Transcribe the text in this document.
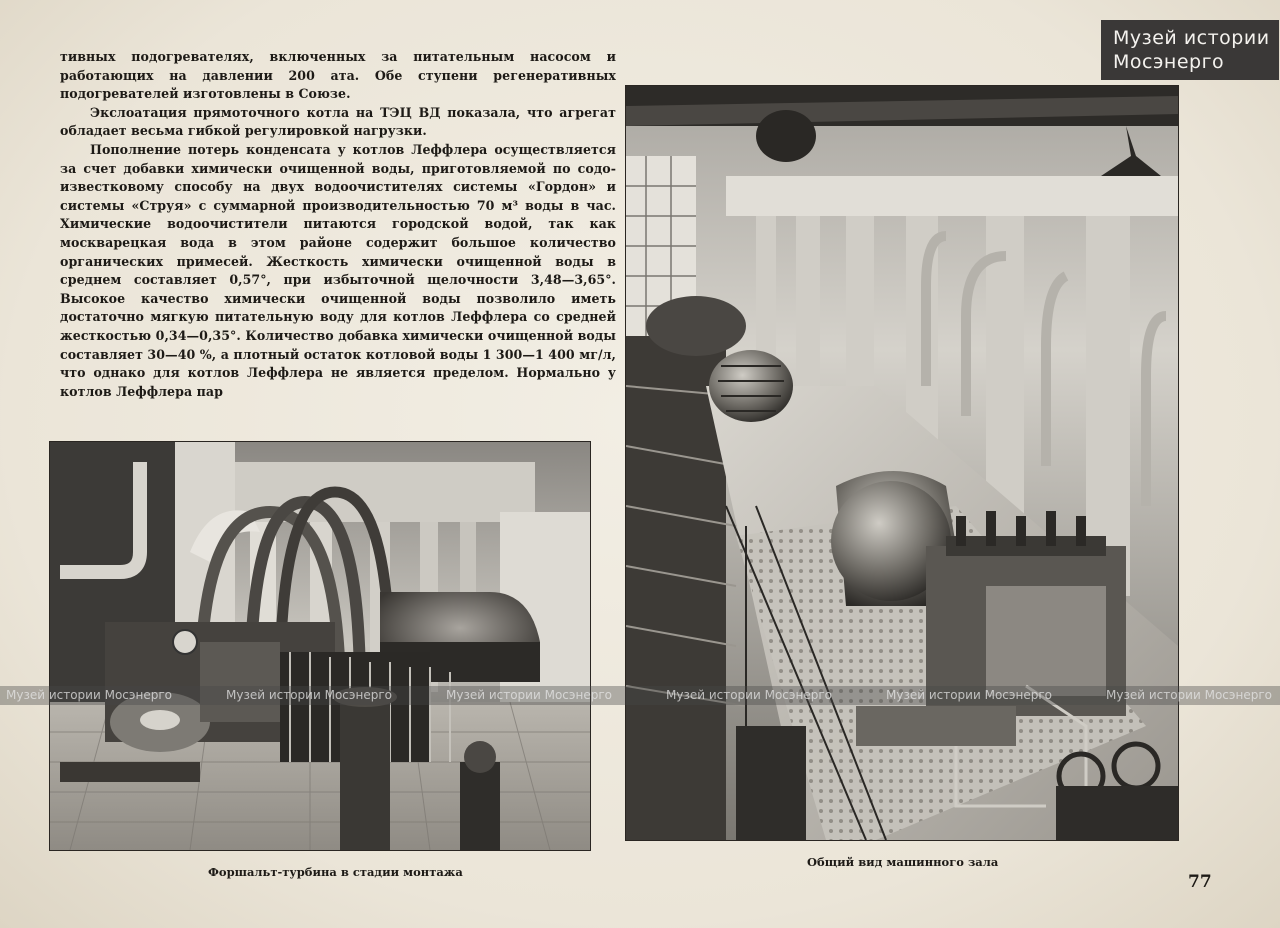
Музей истории
Мосэнерго

тивных подогревателях, включенных за питательным насосом и работающих на давлении 200 ата. Обе ступени регенеративных подогревателей изготовлены в Союзе.

Экслоатация прямоточного котла на ТЭЦ ВД показала, что агрегат обладает весьма гибкой регулировкой нагрузки.

Пополнение потерь конденсата у котлов Леффлера осуществляется за счет добавки химически очищенной воды, приготовляемой по содо-известковому способу на двух водоочистителях системы «Гордон» и системы «Струя» с суммарной производительностью 70 м³ воды в час. Химические водоочистители питаются городской водой, так как москварецкая вода в этом районе содержит большое количество органических примесей. Жесткость химически очищенной воды в среднем составляет 0,57°, при избыточной щелочности 3,48—3,65°. Высокое качество химически очищенной воды позволило иметь достаточно мягкую питательную воду для котлов Леффлера со средней жесткостью 0,34—0,35°. Количество добавка химически очищенной воды составляет 30—40 %, а плотный остаток котловой воды 1 300—1 400 мг/л, что однако для котлов Леффлера не является пределом. Нормально у котлов Леффлера пар

Форшальт-турбина в стадии монтажа
Общий вид машинного зала
77
Музей истории Мосэнерго	Музей истории Мосэнерго	Музей истории Мосэнерго	Музей истории Мосэнерго	Музей истории Мосэнерго	Музей истории Мосэнерго
